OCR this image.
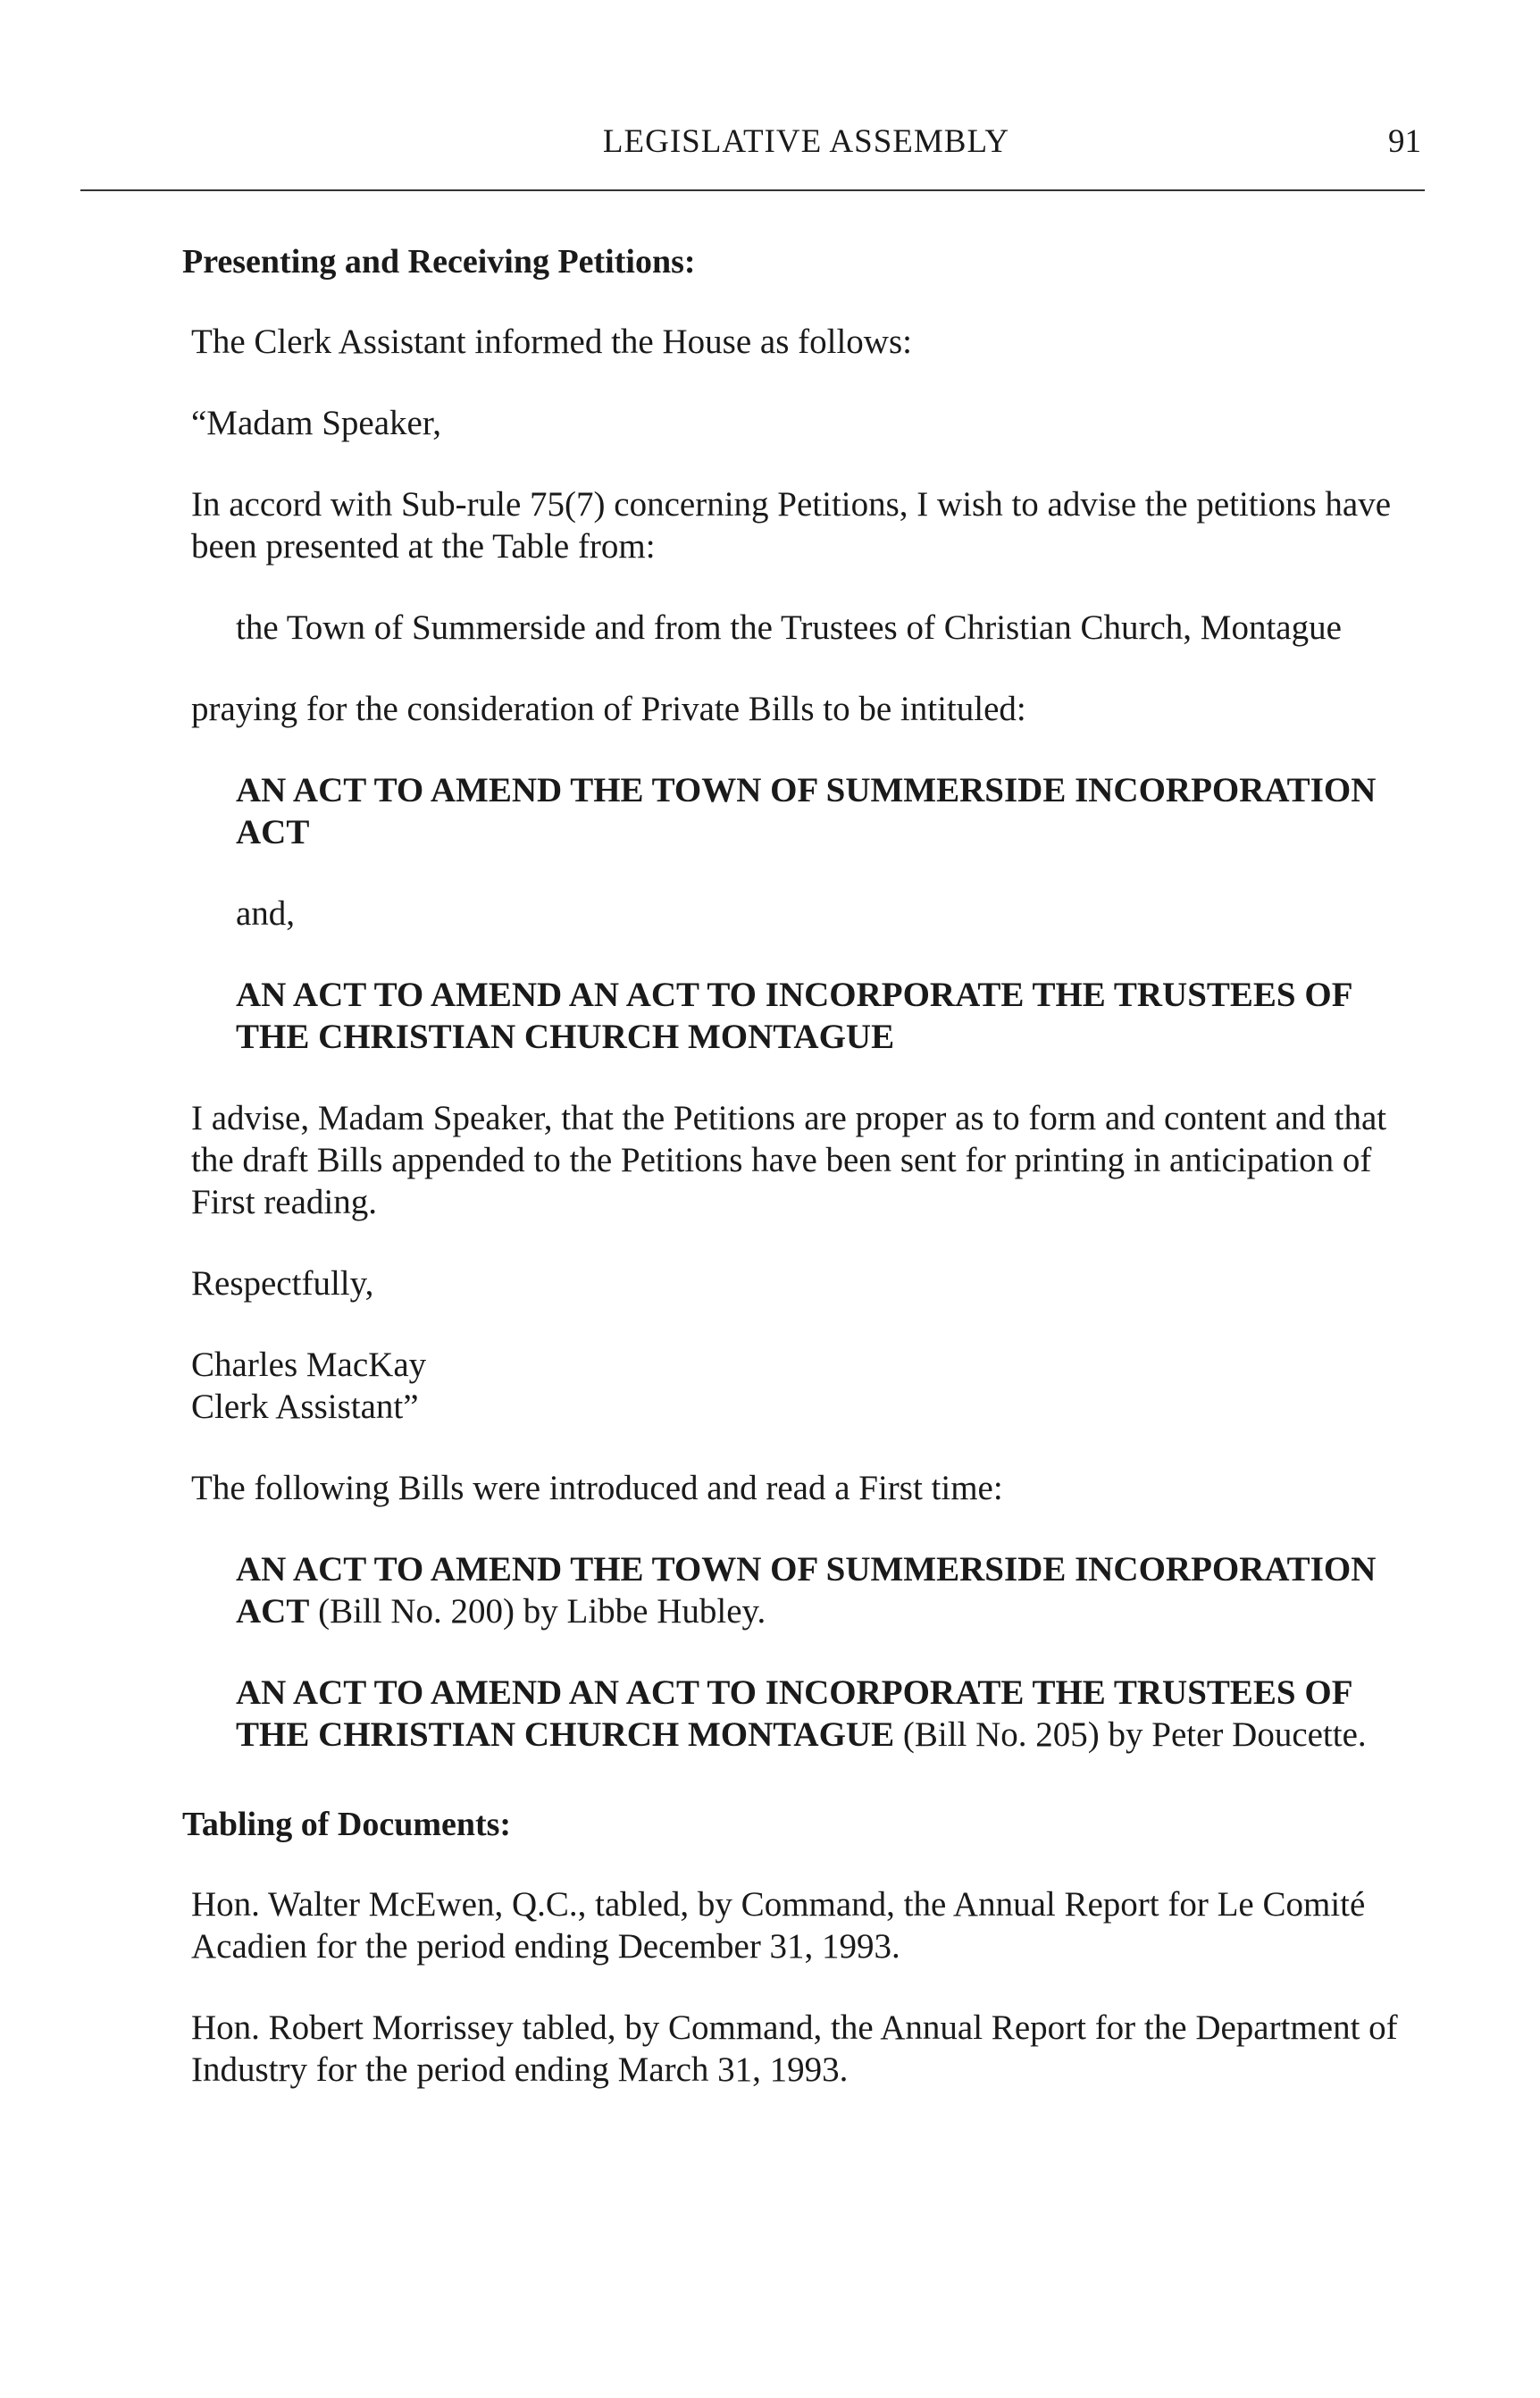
LEGISLATIVE ASSEMBLY	91

Presenting and Receiving Petitions:

The Clerk Assistant informed the House as follows:

“Madam Speaker,

In accord with Sub-rule 75(7) concerning Petitions, I wish to advise the petitions have been presented at the Table from:

the Town of Summerside and from the Trustees of Christian Church, Montague

praying for the consideration of Private Bills to be intituled:

AN ACT TO AMEND THE TOWN OF SUMMERSIDE INCORPORATION ACT

and,

AN ACT TO AMEND AN ACT TO INCORPORATE THE TRUSTEES OF THE CHRISTIAN CHURCH MONTAGUE

I advise, Madam Speaker, that the Petitions are proper as to form and content and that the draft Bills appended to the Petitions have been sent for printing in anticipation of First reading.

Respectfully,

Charles MacKay
Clerk Assistant”

The following Bills were introduced and read a First time:

AN ACT TO AMEND THE TOWN OF SUMMERSIDE INCORPORATION ACT (Bill No. 200) by Libbe Hubley.

AN ACT TO AMEND AN ACT TO INCORPORATE THE TRUSTEES OF THE CHRISTIAN CHURCH MONTAGUE (Bill No. 205) by Peter Doucette.

Tabling of Documents:

Hon. Walter McEwen, Q.C., tabled, by Command, the Annual Report for Le Comité Acadien for the period ending December 31, 1993.

Hon. Robert Morrissey tabled, by Command, the Annual Report for the Department of Industry for the period ending March 31, 1993.
